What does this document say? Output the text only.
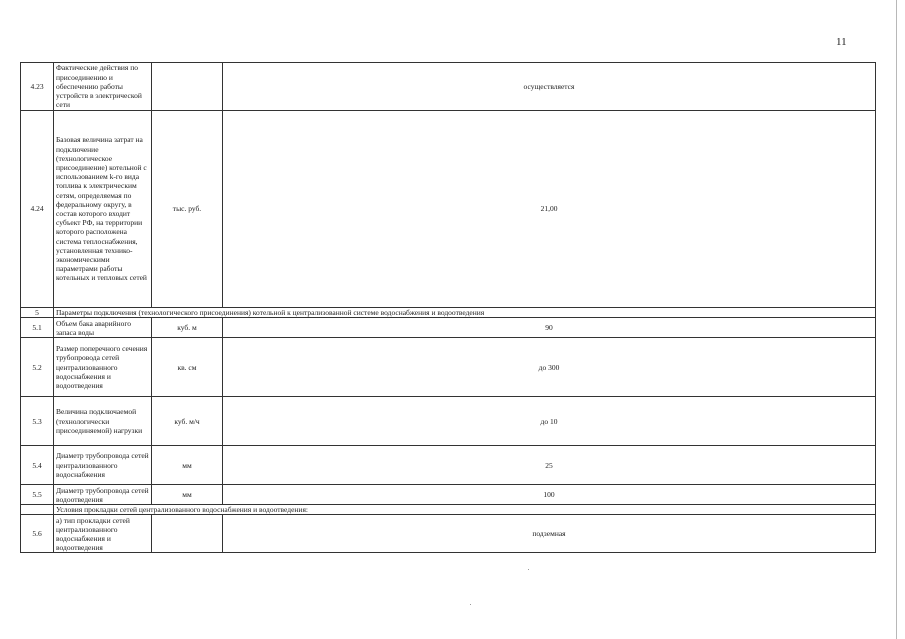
11
4.23	Фактические действия по присоединению и обеспечению работы устройств в электрической сети		осуществляется
4.24	Базовая величина затрат на подключение (технологическое присоединение) котельной с использованием k-го вида топлива к электрическим сетям, определяемая по федеральному округу, в состав которого входит субъект РФ, на территории которого расположена система теплоснабжения, установленная технико-экономическими параметрами работы котельных и тепловых сетей	тыс. руб.	21,00
5	Параметры подключения (технологического присоединения) котельной к централизованной системе водоснабжения и водоотведения		
5.1	Объем бака аварийного запаса воды	куб. м	90
5.2	Размер поперечного сечения трубопровода сетей централизованного водоснабжения и водоотведения	кв. см	до 300
5.3	Величина подключаемой (технологически присоединяемой) нагрузки	куб. м/ч	до 10
5.4	Диаметр трубопровода сетей централизованного водоснабжения	мм	25
5.5	Диаметр трубопровода сетей водоотведения	мм	100
	Условия прокладки сетей централизованного водоснабжения и водоотведения:		
5.6	а) тип прокладки сетей централизованного водоснабжения и водоотведения		подземная
